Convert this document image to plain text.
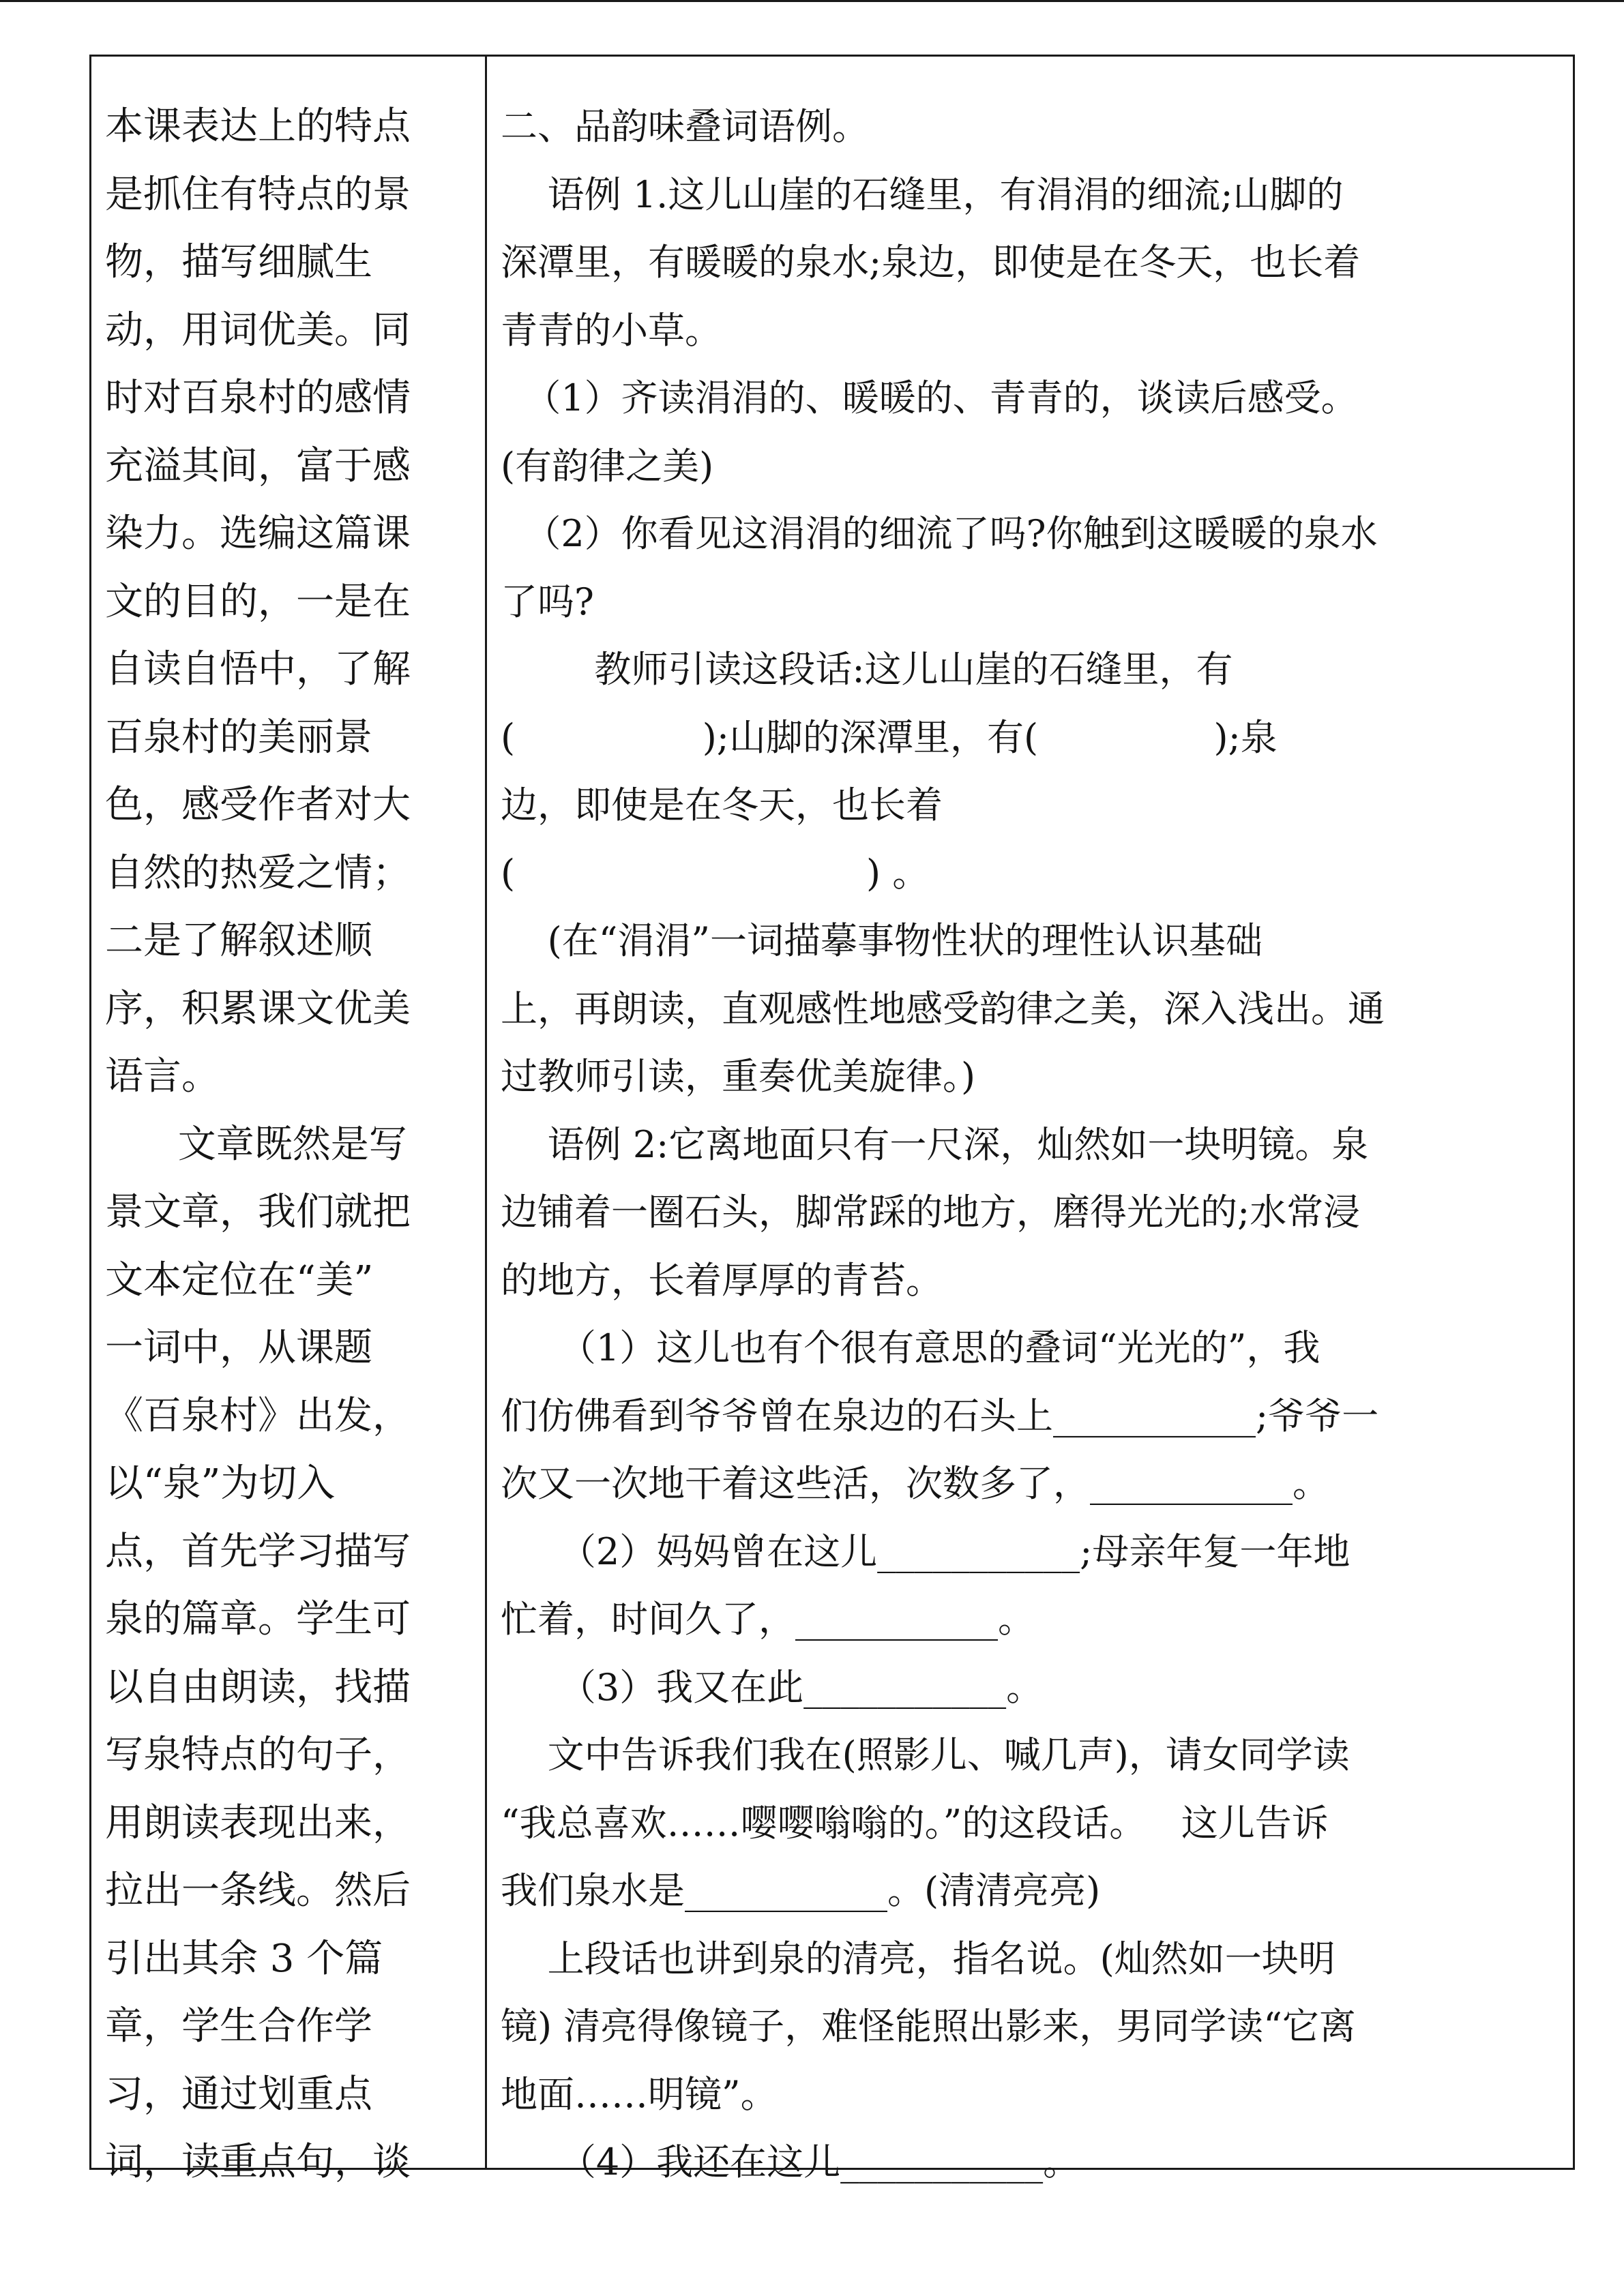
本课表达上的特点
是抓住有特点的景
物，描写细腻生
动，用词优美。同
时对百泉村的感情
充溢其间，富于感
染力。选编这篇课
文的目的，一是在
自读自悟中，了解
百泉村的美丽景
色，感受作者对大
自然的热爱之情；
二是了解叙述顺
序，积累课文优美
语言。
文章既然是写
景文章，我们就把
文本定位在“美”
一词中，从课题
《百泉村》出发，
以“泉”为切入
点，首先学习描写
泉的篇章。学生可
以自由朗读，找描
写泉特点的句子，
用朗读表现出来，
拉出一条线。然后
引出其余 3 个篇
章，学生合作学
习，通过划重点
词，读重点句，谈
二、品韵味叠词语例。
语例 1.这儿山崖的石缝里，有涓涓的细流;山脚的
深潭里，有暖暖的泉水;泉边，即使是在冬天，也长着
青青的小草。
（1）齐读涓涓的、暖暖的、青青的，谈读后感受。
(有韵律之美)
（2）你看见这涓涓的细流了吗?你触到这暖暖的泉水
了吗?
教师引读这段话:这儿山崖的石缝里，有
(                );山脚的深潭里，有(               );泉
边，即使是在冬天，也长着
(                              ) 。
(在“涓涓”一词描摹事物性状的理性认识基础
上，再朗读，直观感性地感受韵律之美，深入浅出。通
过教师引读，重奏优美旋律。)
语例 2:它离地面只有一尺深，灿然如一块明镜。泉
边铺着一圈石头，脚常踩的地方，磨得光光的;水常浸
的地方，长着厚厚的青苔。
（1）这儿也有个很有意思的叠词“光光的”，我
们仿佛看到爷爷曾在泉边的石头上___________;爷爷一
次又一次地干着这些活，次数多了，___________。
（2）妈妈曾在这儿___________;母亲年复一年地
忙着，时间久了，___________。
（3）我又在此___________。
文中告诉我们我在(照影儿、喊几声)，请女同学读
“我总喜欢……嘤嘤嗡嗡的。”的这段话。   这儿告诉
我们泉水是___________。(清清亮亮)
上段话也讲到泉的清亮，指名说。(灿然如一块明
镜) 清亮得像镜子，难怪能照出影来，男同学读“它离
地面……明镜”。
（4）我还在这儿___________。
